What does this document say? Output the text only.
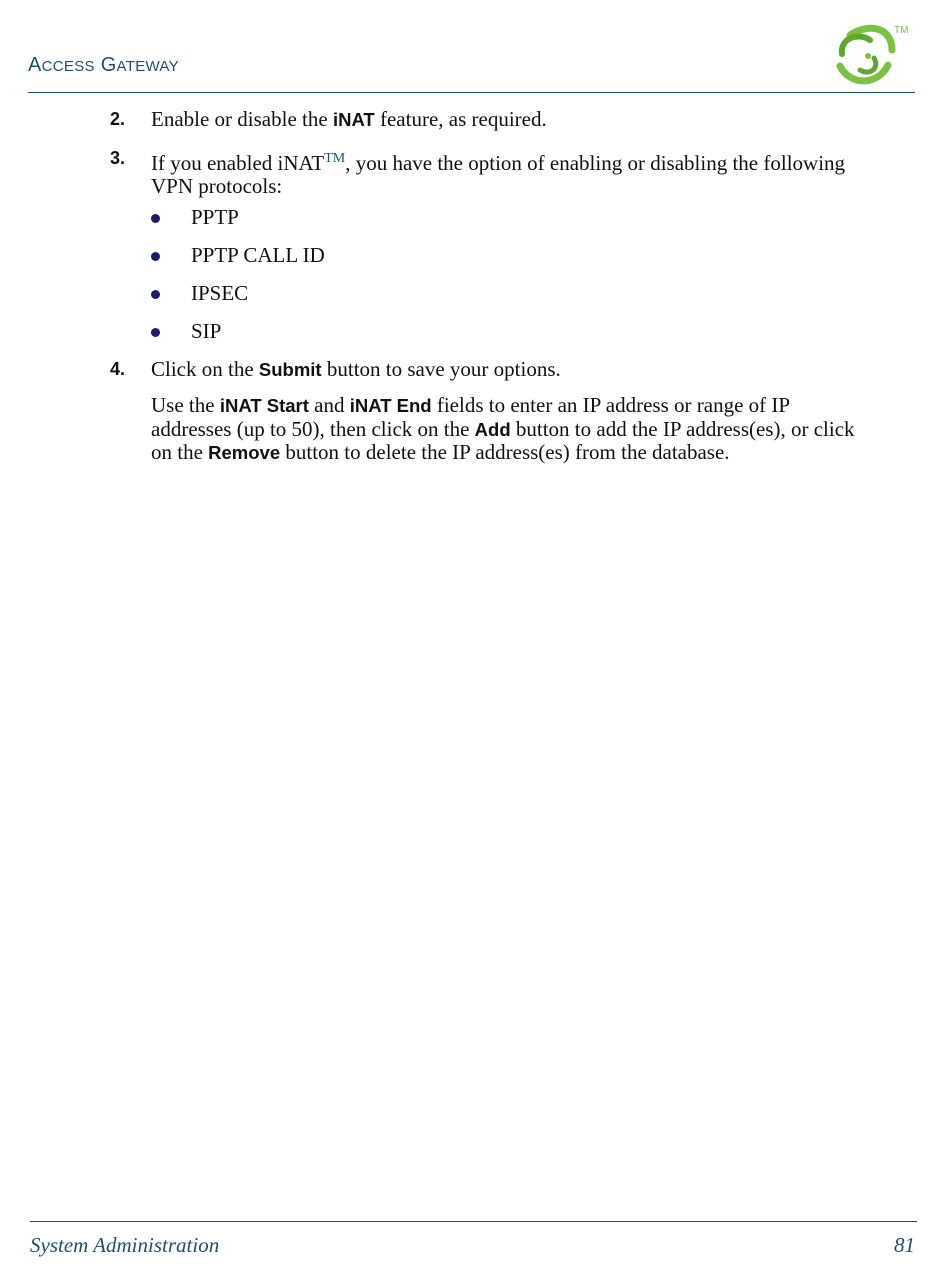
ACCESS GATEWAY
TM
2. Enable or disable the iNAT feature, as required.
3. If you enabled iNAT™, you have the option of enabling or disabling the following VPN protocols:
PPTP
PPTP CALL ID
IPSEC
SIP
4. Click on the Submit button to save your options.
Use the iNAT Start and iNAT End fields to enter an IP address or range of IP addresses (up to 50), then click on the Add button to add the IP address(es), or click on the Remove button to delete the IP address(es) from the database.
System Administration	81
